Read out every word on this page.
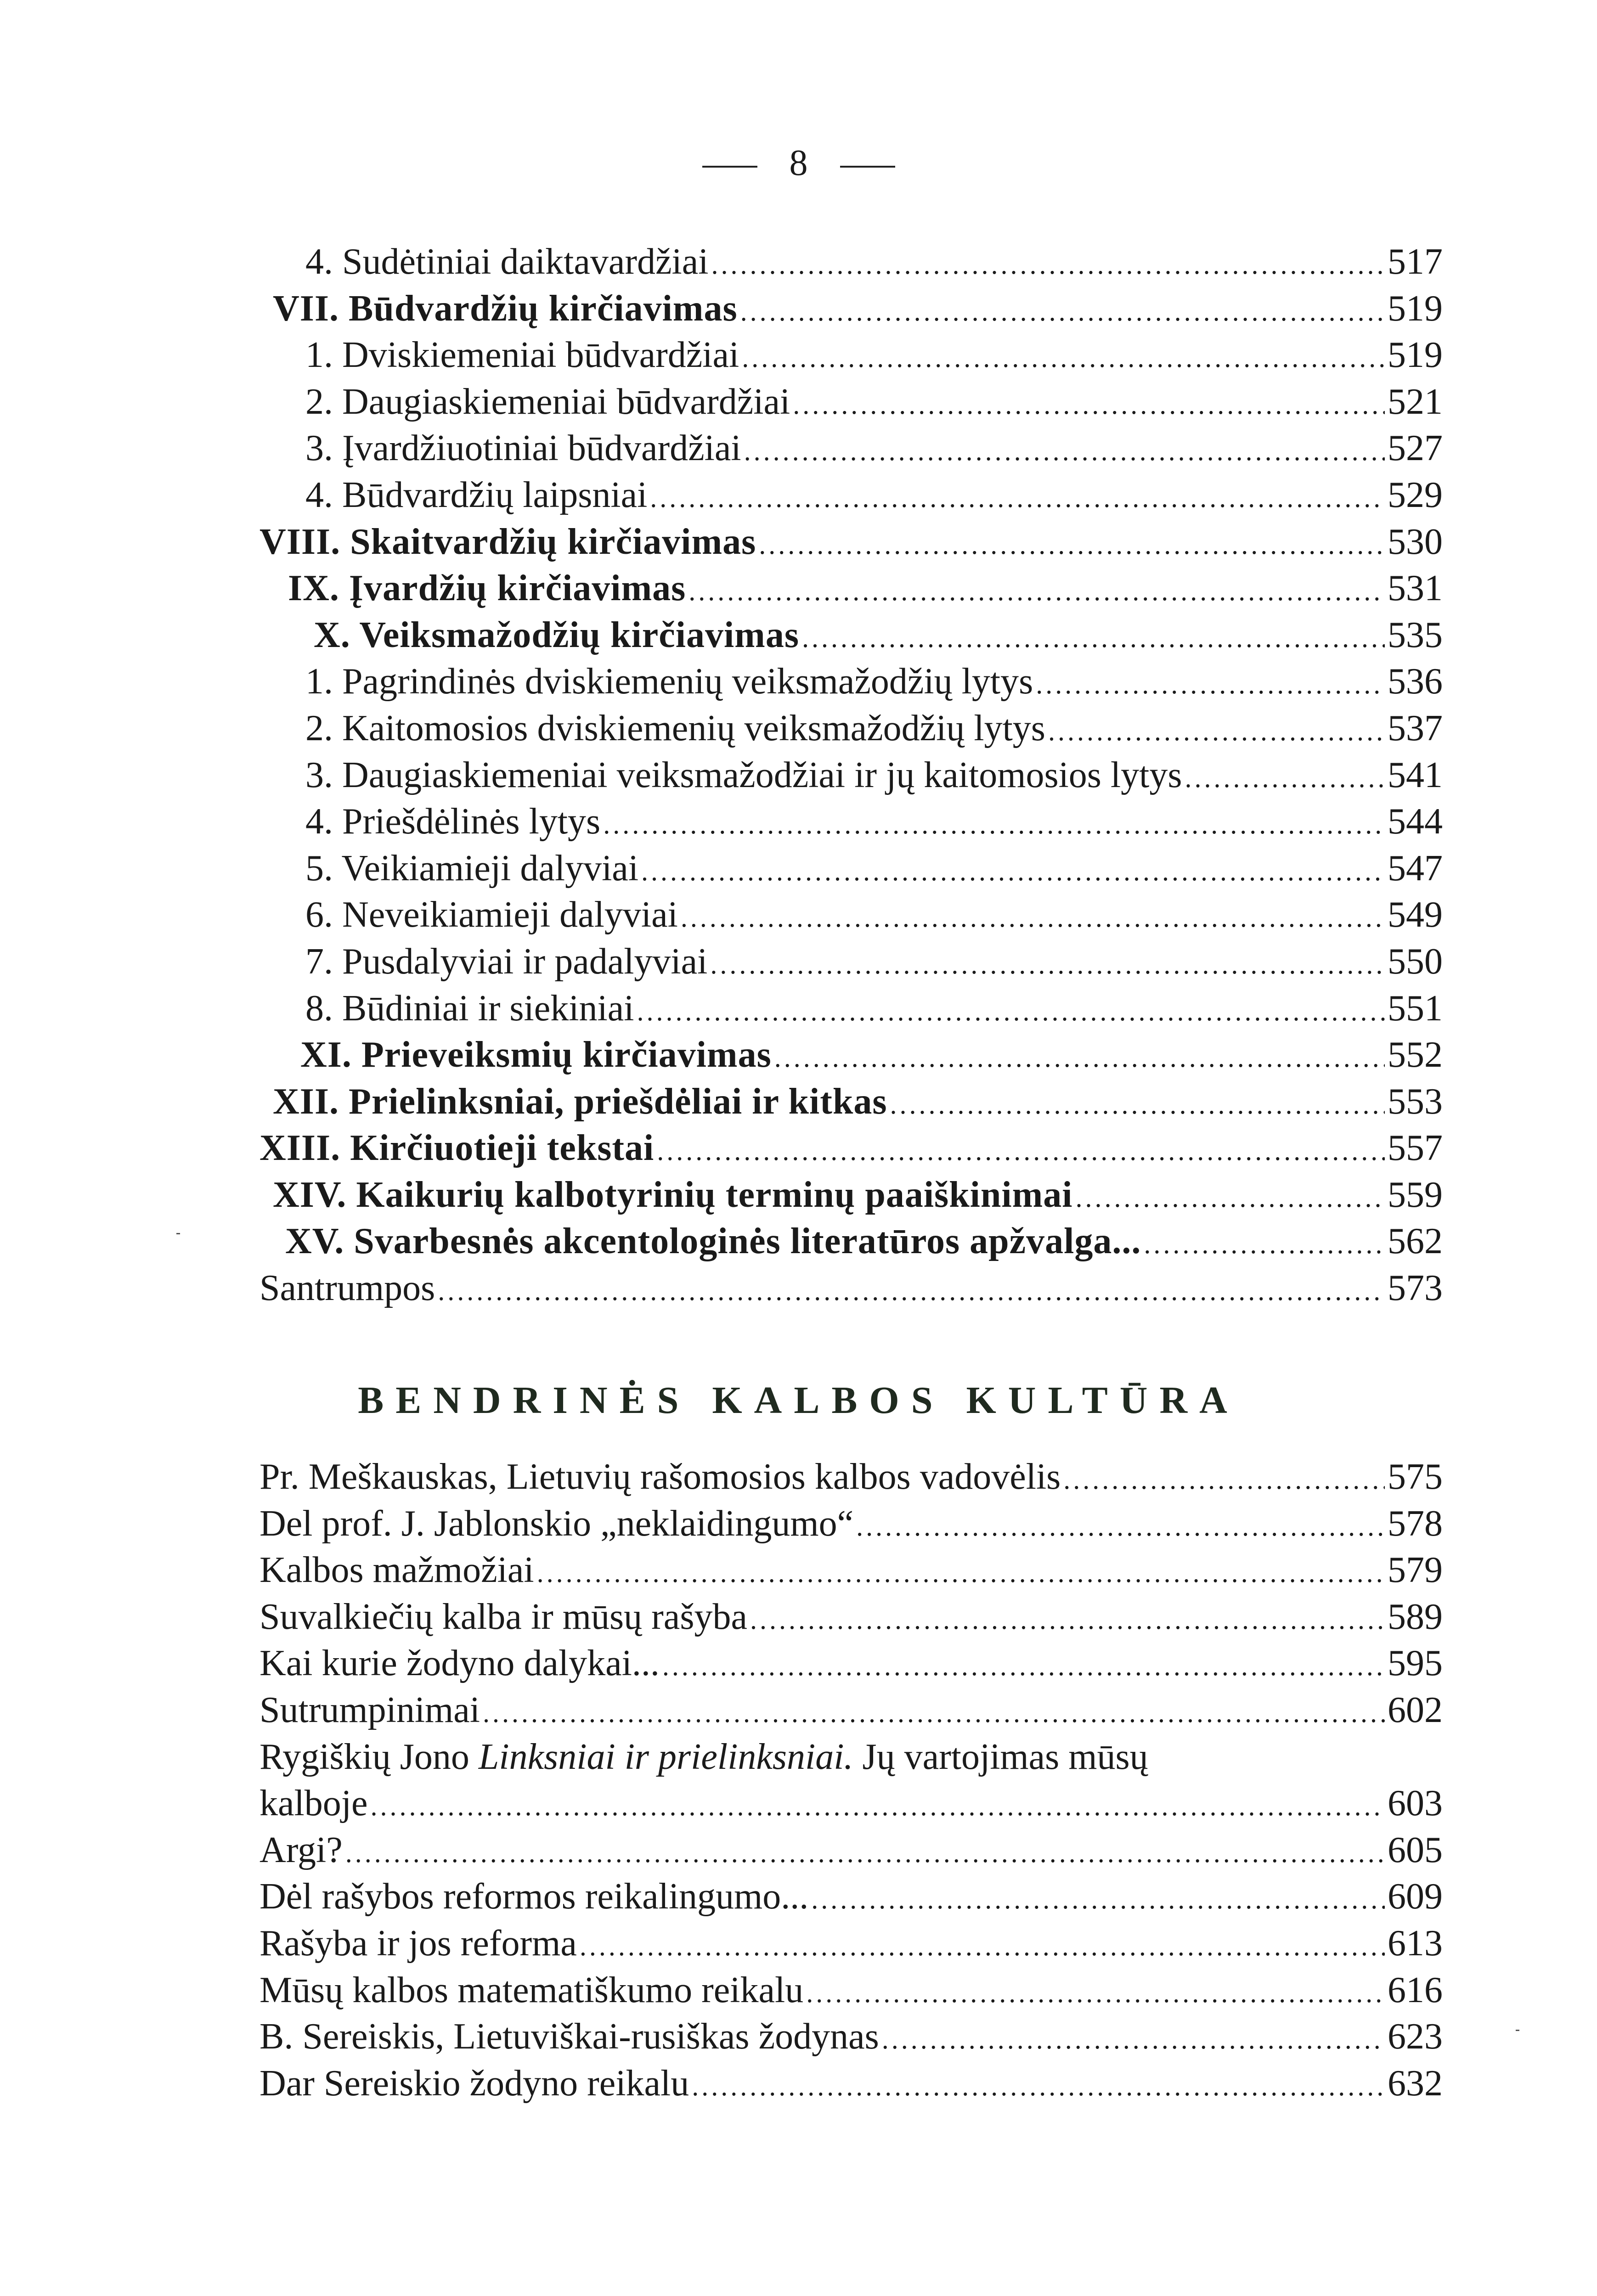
8
4. Sudėtiniai daiktavardžiai .....	517
VII. Būdvardžių kirčiavimas .....	519
1. Dviskiemeniai būdvardžiai .....	519
2. Daugiaskiemeniai būdvardžiai .....	521
3. Įvardžiuotiniai būdvardžiai .....	527
4. Būdvardžių laipsniai .....	529
VIII. Skaitvardžių kirčiavimas .....	530
IX. Įvardžių kirčiavimas .....	531
X. Veiksmažodžių kirčiavimas .....	535
1. Pagrindinės dviskiemenių veiksmažodžių lytys .....	536
2. Kaitomosios dviskiemenių veiksmažodžių lytys .....	537
3. Daugiaskiemeniai veiksmažodžiai ir jų kaitomosios lytys .....	541
4. Priešdėlinės lytys .....	544
5. Veikiamieji dalyviai .....	547
6. Neveikiamieji dalyviai .....	549
7. Pusdalyviai ir padalyviai .....	550
8. Būdiniai ir siekiniai .....	551
XI. Prieveiksmių kirčiavimas .....	552
XII. Prielinksniai, priešdėliai ir kitkas .....	553
XIII. Kirčiuotieji tekstai .....	557
XIV. Kaikurių kalbotyrinių terminų paaiškinimai .....	559
XV. Svarbesnės akcentologinės literatūros apžvalga... .....	562
Santrumpos .....	573
BENDRINĖS KALBOS KULTŪRA
Pr. Meškauskas, Lietuvių rašomosios kalbos vadovėlis .....	575
Del prof. J. Jablonskio „neklaidingumo“ .....	578
Kalbos mažmožiai .....	579
Suvalkiečių kalba ir mūsų rašyba .....	589
Kai kurie žodyno dalykai... .....	595
Sutrumpinimai .....	602
Rygiškių Jono Linksniai ir prielinksniai. Jų vartojimas mūsų
kalboje .....	603
Argi? .....	605
Dėl rašybos reformos reikalingumo... .....	609
Rašyba ir jos reforma .....	613
Mūsų kalbos matematiškumo reikalu .....	616
B. Sereiskis, Lietuviškai-rusiškas žodynas .....	623
Dar Sereiskio žodyno reikalu .....	632
